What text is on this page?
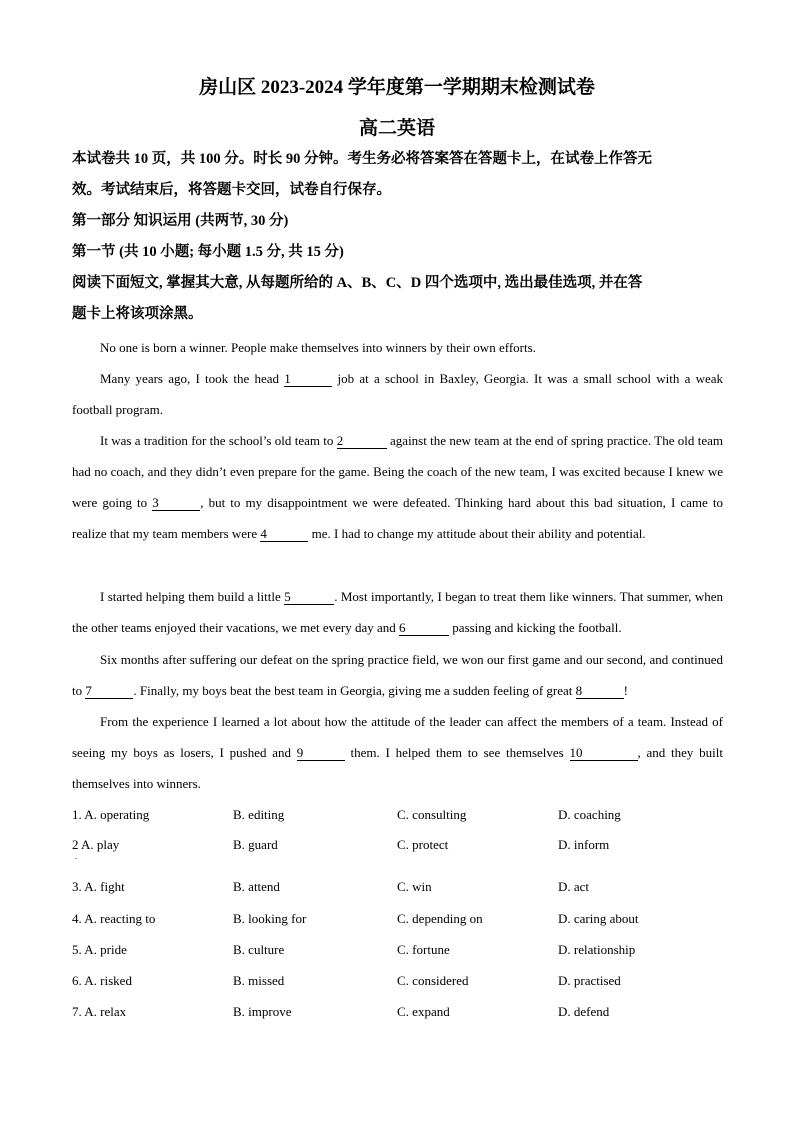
房山区 2023-2024 学年度第一学期期末检测试卷
高二英语

本试卷共 10 页，共 100 分。时长 90 分钟。考生务必将答案答在答题卡上，在试卷上作答无

效。考试结束后，将答题卡交回，试卷自行保存。

第一部分 知识运用 (共两节, 30 分)

第一节 (共 10 小题; 每小题 1.5 分, 共 15 分)

阅读下面短文, 掌握其大意, 从每题所给的 A、B、C、D 四个选项中, 选出最佳选项, 并在答

题卡上将该项涂黑。

No one is born a winner. People make themselves into winners by their own efforts.

Many years ago, I took the head 1	job at a school in Baxley, Georgia. It was a small school with a weak football program.

It was a tradition for the school’s old team to 2	against the new team at the end of spring practice. The old team had no coach, and they didn’t even prepare for the game. Being the coach of the new team, I was excited because I knew we were going to 3	, but to my disappointment we were defeated. Thinking hard about this bad situation, I came to realize that my team members were 4	me. I had to change my attitude about their ability and potential.

I started helping them build a little 5	. Most importantly, I began to treat them like winners. That summer, when the other teams enjoyed their vacations, we met every day and 6	passing and kicking the football.

Six months after suffering our defeat on the spring practice field, we won our first game and our second, and continued to 7	. Finally, my boys beat the best team in Georgia, giving me a sudden feeling of great 8	!

From the experience I learned a lot about how the attitude of the leader can affect the members of a team. Instead of seeing my boys as losers, I pushed and 9	them. I helped them to see themselves 10	, and they built themselves into winners.

1. A. operating	B. editing	C. consulting	D. coaching
2 A. play	B. guard	C. protect	D. inform
.
3. A. fight	B. attend	C. win	D. act
4. A. reacting to	B. looking for	C. depending on	D. caring about
5. A. pride	B. culture	C. fortune	D. relationship
6. A. risked	B. missed	C. considered	D. practised
7. A. relax	B. improve	C. expand	D. defend
